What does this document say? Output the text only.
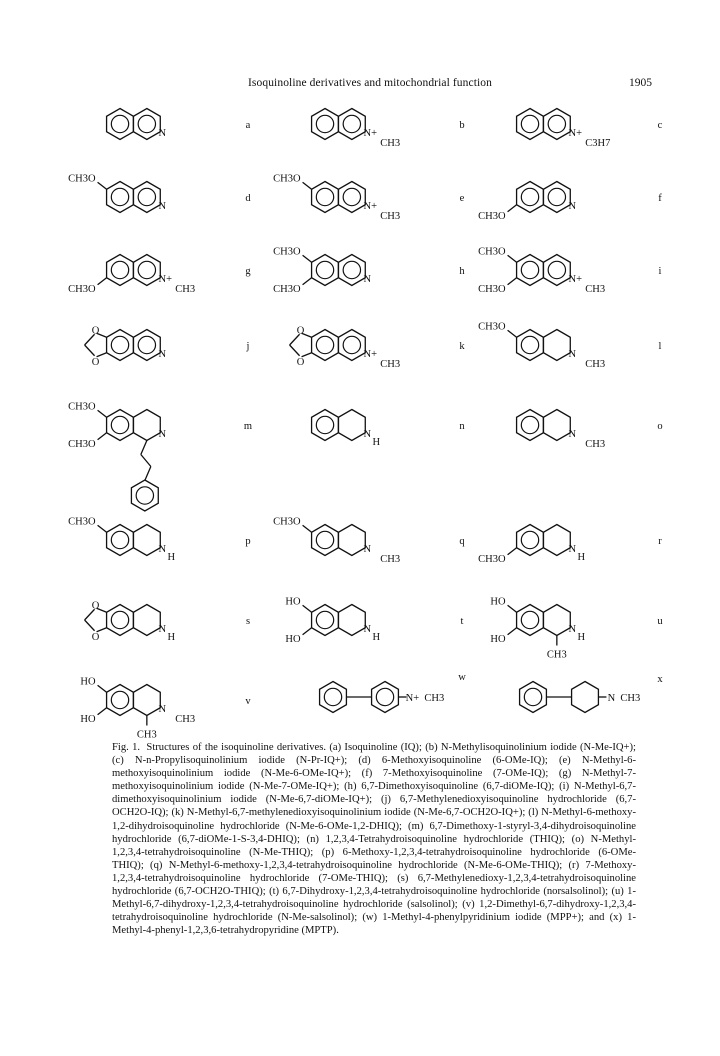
Isoquinoline derivatives and mitochondrial function	1905
N
a
N+
CH3
b
N+
C3H7
c
N
CH3O
d
N+
CH3
CH3O
e
N
CH3O
f
N+
CH3
CH3O
g
N
CH3O
CH3O
h
N+
CH3
CH3O
CH3O
i
N
O
O
j
N+
CH3
O
O
k
N
CH3
CH3O
l
N
CH3O
CH3O
m
N
H
n
N
CH3
o
N
H
CH3O
p
N
CH3
CH3O
q
N
H
CH3O
r
N
H
O
O
s
N
H
HO
HO
t
N
H
HO
HO
CH3
u
N
CH3
HO
HO
CH3
v	N+ CH3
w
N CH3
x
Fig. 1. Structures of the isoquinoline derivatives. (a) Isoquinoline (IQ); (b) N-Methylisoquinolinium iodide (N-Me-IQ+); (c) N-n-Propylisoquinolinium iodide (N-Pr-IQ+); (d) 6-Methoxyisoquinoline (6-OMe-IQ); (e) N-Methyl-6-methoxyisoquinolinium iodide (N-Me-6-OMe-IQ+); (f) 7-Methoxyisoquinoline (7-OMe-IQ); (g) N-Methyl-7-methoxyisoquinolinium iodide (N-Me-7-OMe-IQ+); (h) 6,7-Dimethoxyisoquinoline (6,7-diOMe-IQ); (i) N-Methyl-6,7-dimethoxyisoquinolinium iodide (N-Me-6,7-diOMe-IQ+); (j) 6,7-Methylenedioxyisoquinoline hydrochloride (6,7-OCH2O-IQ); (k) N-Methyl-6,7-methylenedioxyisoquinolinium iodide (N-Me-6,7-OCH2O-IQ+); (l) N-Methyl-6-methoxy-1,2-dihydroisoquinoline hydrochloride (N-Me-6-OMe-1,2-DHIQ); (m) 6,7-Dimethoxy-1-styryl-3,4-dihydroisoquinoline hydrochloride (6,7-diOMe-1-S-3,4-DHIQ); (n) 1,2,3,4-Tetrahydroisoquinoline hydrochloride (THIQ); (o) N-Methyl-1,2,3,4-tetrahydroisoquinoline (N-Me-THIQ); (p) 6-Methoxy-1,2,3,4-tetrahydroisoquinoline hydrochloride (6-OMe-THIQ); (q) N-Methyl-6-methoxy-1,2,3,4-tetrahydroisoquinoline hydrochloride (N-Me-6-OMe-THIQ); (r) 7-Methoxy-1,2,3,4-tetrahydroisoquinoline hydrochloride (7-OMe-THIQ); (s) 6,7-Methylenedioxy-1,2,3,4-tetrahydroisoquinoline hydrochloride (6,7-OCH2O-THIQ); (t) 6,7-Dihydroxy-1,2,3,4-tetrahydroisoquinoline hydrochloride (norsalsolinol); (u) 1-Methyl-6,7-dihydroxy-1,2,3,4-tetrahydroisoquinoline hydrochloride (salsolinol); (v) 1,2-Dimethyl-6,7-dihydroxy-1,2,3,4-tetrahydroisoquinoline hydrochloride (N-Me-salsolinol); (w) 1-Methyl-4-phenylpyridinium iodide (MPP+); and (x) 1-Methyl-4-phenyl-1,2,3,6-tetrahydropyridine (MPTP).
